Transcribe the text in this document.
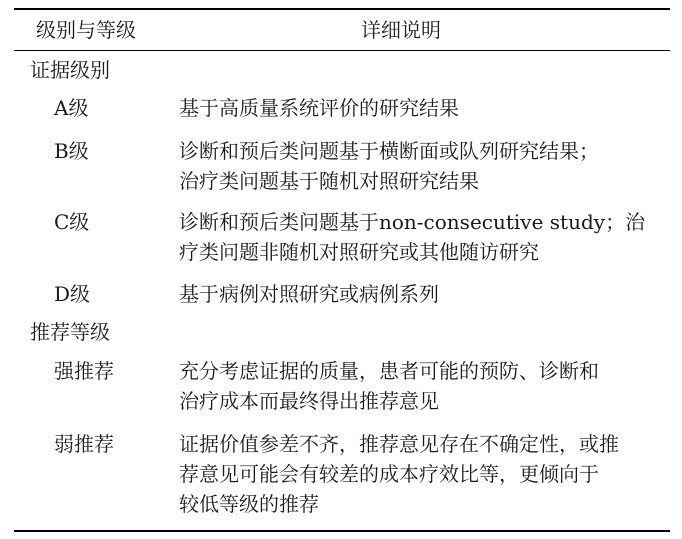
级别与等级	详细说明
证据级别
A级	基于高质量系统评价的研究结果
B级	诊断和预后类问题基于横断面或队列研究结果；
治疗类问题基于随机对照研究结果
C级	诊断和预后类问题基于non-consecutive study；治
疗类问题非随机对照研究或其他随访研究
D级	基于病例对照研究或病例系列
推荐等级
强推荐	充分考虑证据的质量，患者可能的预防、诊断和
治疗成本而最终得出推荐意见
弱推荐	证据价值参差不齐，推荐意见存在不确定性，或推
荐意见可能会有较差的成本疗效比等，更倾向于
较低等级的推荐
